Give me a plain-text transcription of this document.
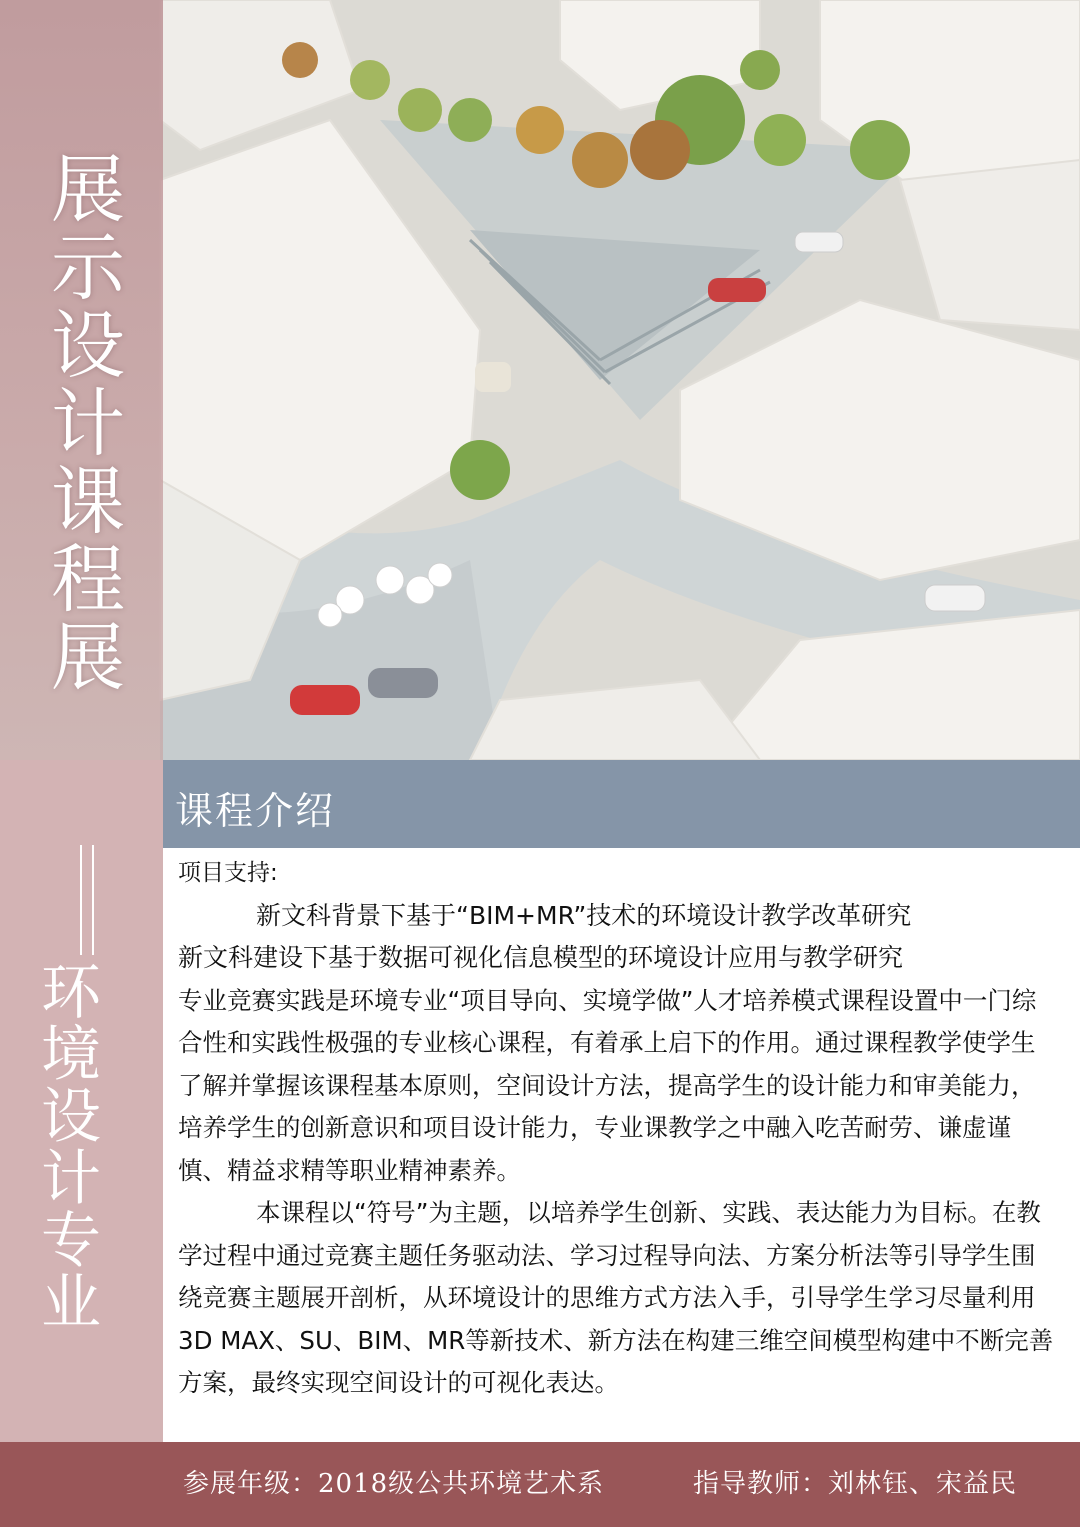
展示设计课程展
环境设计专业
课程介绍

项目支持:

新文科背景下基于“BIM+MR”技术的环境设计教学改革研究

新文科建设下基于数据可视化信息模型的环境设计应用与教学研究

专业竞赛实践是环境专业“项目导向、实境学做”人才培养模式课程设置中一门综合性和实践性极强的专业核心课程，有着承上启下的作用。通过课程教学使学生了解并掌握该课程基本原则，空间设计方法，提高学生的设计能力和审美能力，培养学生的创新意识和项目设计能力，专业课教学之中融入吃苦耐劳、谦虚谨慎、精益求精等职业精神素养。

本课程以“符号”为主题，以培养学生创新、实践、表达能力为目标。在教学过程中通过竞赛主题任务驱动法、学习过程导向法、方案分析法等引导学生围绕竞赛主题展开剖析，从环境设计的思维方式方法入手，引导学生学习尽量利用3D MAX、SU、BIM、MR等新技术、新方法在构建三维空间模型构建中不断完善方案，最终实现空间设计的可视化表达。

参展年级：2018级公共环境艺术系	指导教师：刘林钰、宋益民
